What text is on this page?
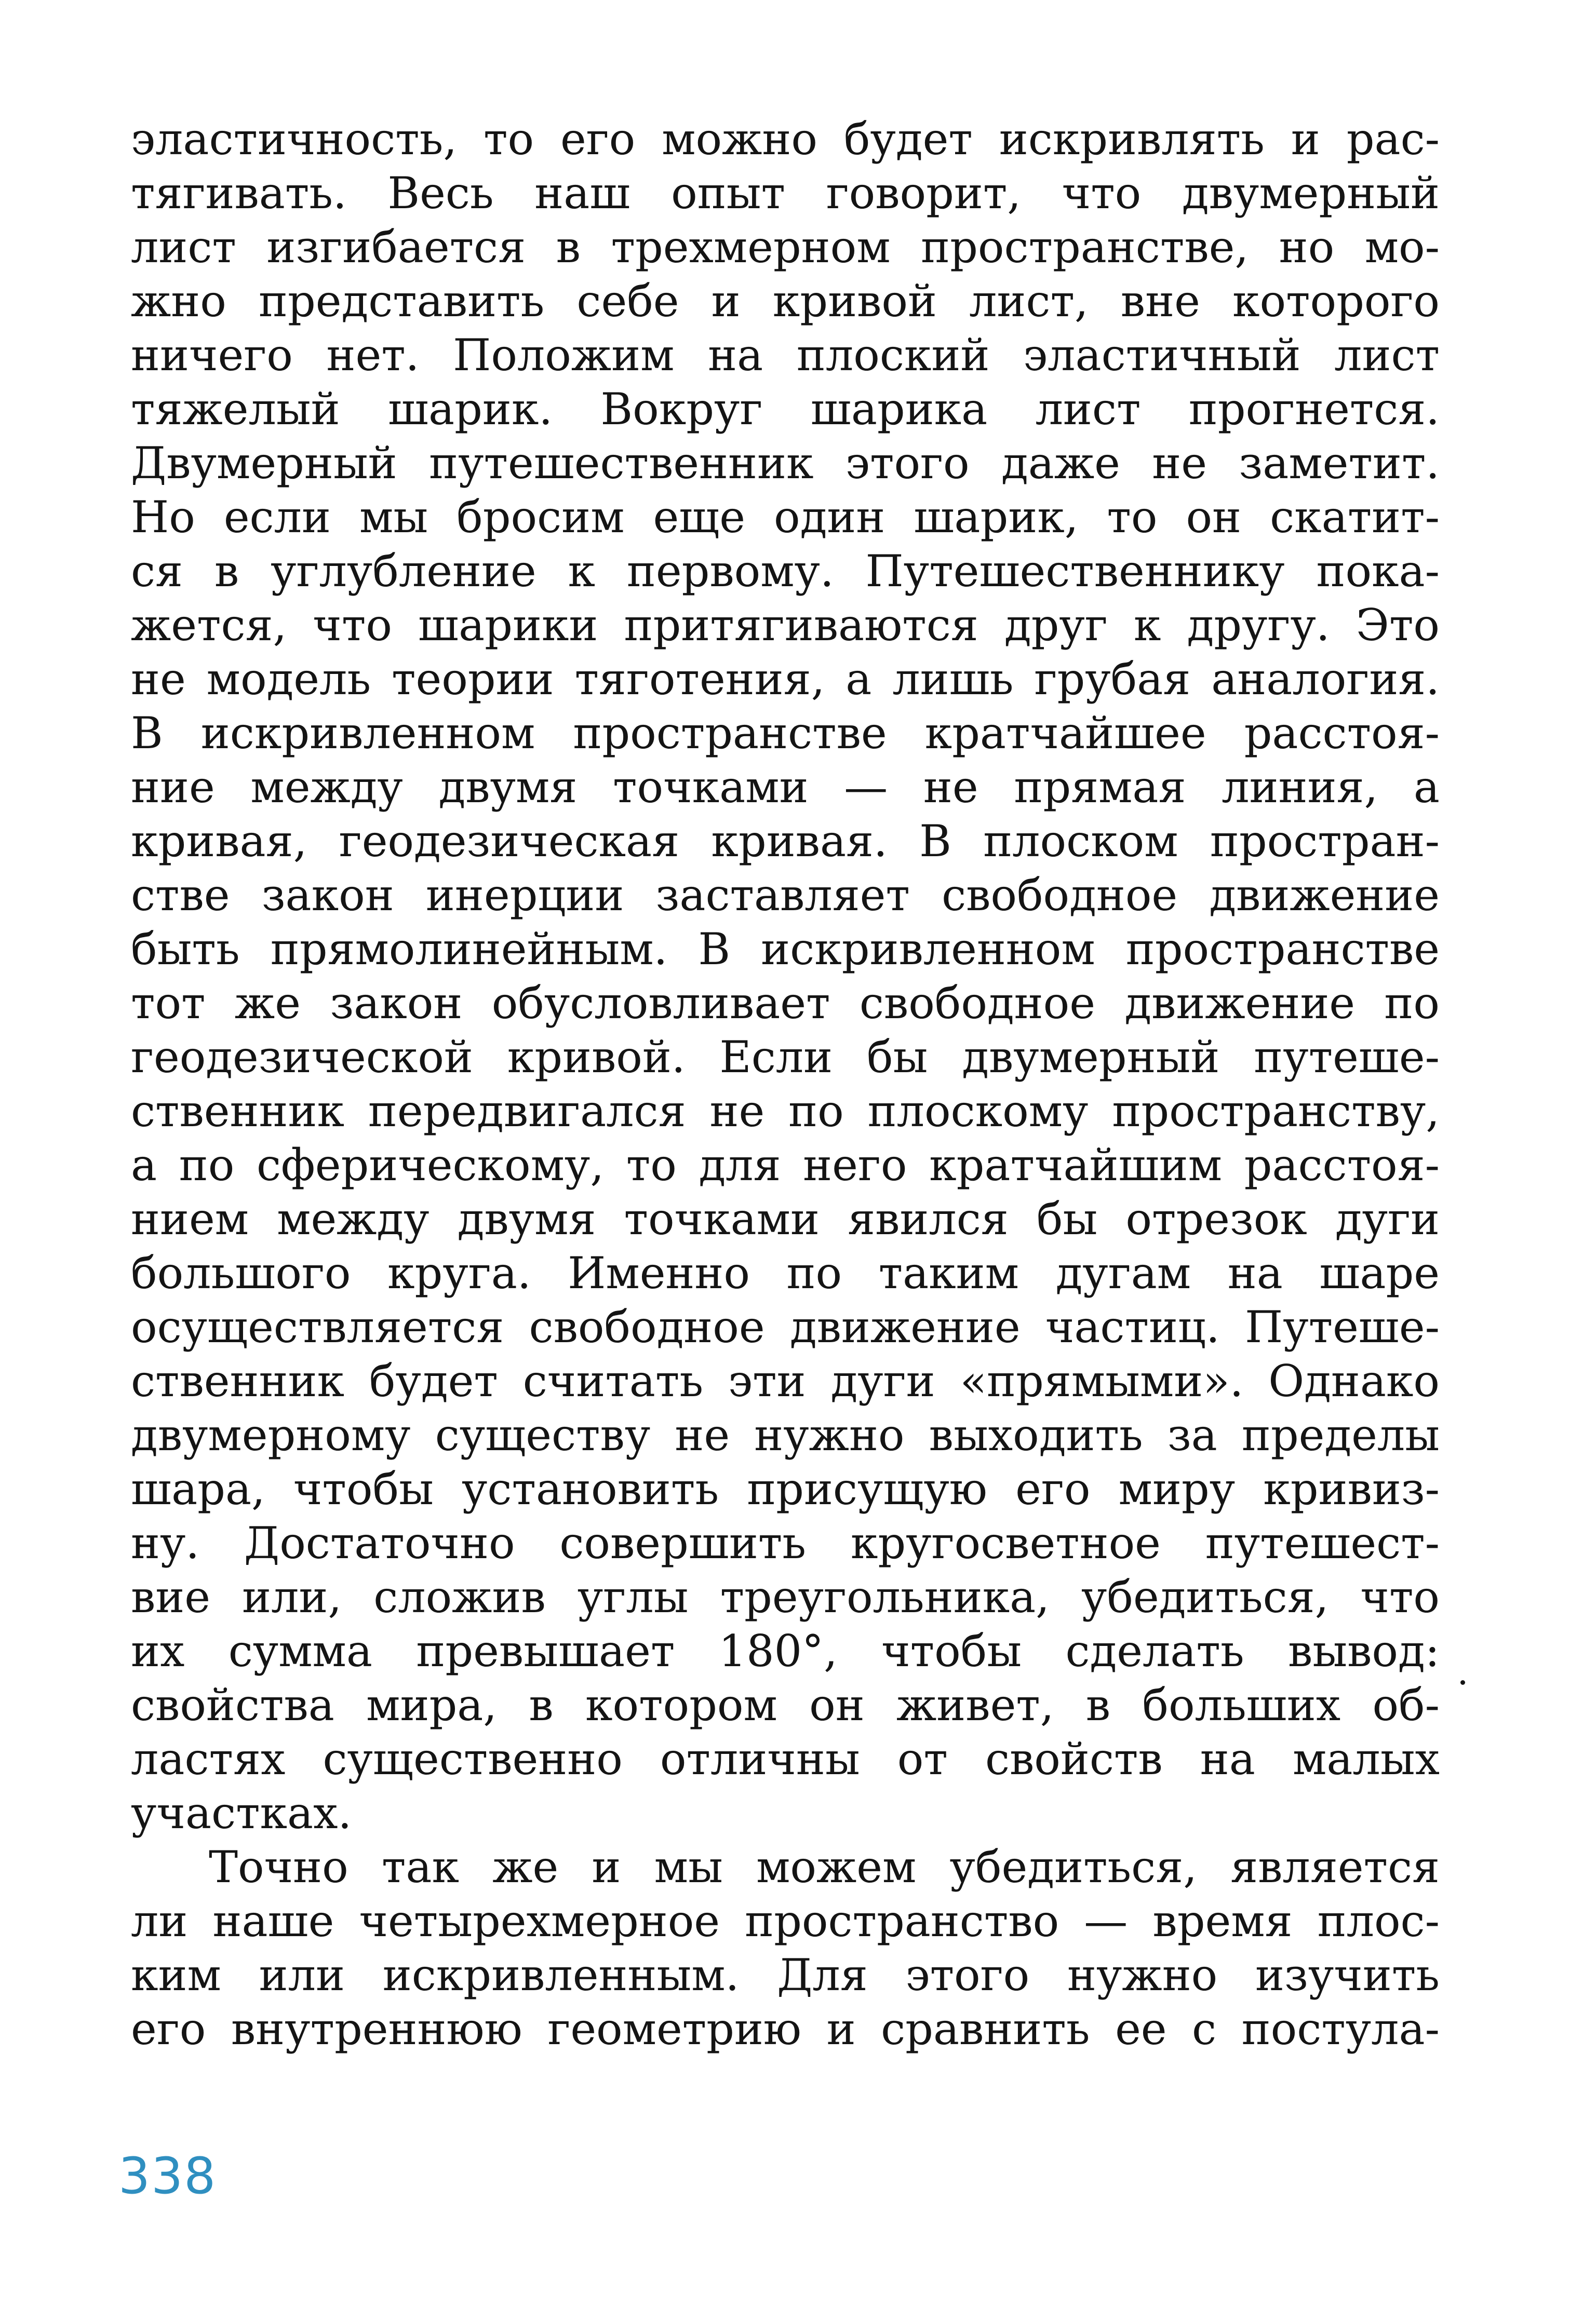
эластичность, то его можно будет искривлять и рас-
тягивать. Весь наш опыт говорит, что двумерный
лист изгибается в трехмерном пространстве, но мо-
жно представить себе и кривой лист, вне которого
ничего нет. Положим на плоский эластичный лист
тяжелый шарик. Вокруг шарика лист прогнется.
Двумерный путешественник этого даже не заметит.
Но если мы бросим еще один шарик, то он скатит-
ся в углубление к первому. Путешественнику пока-
жется, что шарики притягиваются друг к другу. Это
не модель теории тяготения, а лишь грубая аналогия.
В искривленном пространстве кратчайшее расстоя-
ние между двумя точками — не прямая линия, а
кривая, геодезическая кривая. В плоском простран-
стве закон инерции заставляет свободное движение
быть прямолинейным. В искривленном пространстве
тот же закон обусловливает свободное движение по
геодезической кривой. Если бы двумерный путеше-
ственник передвигался не по плоскому пространству,
а по сферическому, то для него кратчайшим расстоя-
нием между двумя точками явился бы отрезок дуги
большого круга. Именно по таким дугам на шаре
осуществляется свободное движение частиц. Путеше-
ственник будет считать эти дуги «прямыми». Однако
двумерному существу не нужно выходить за пределы
шара, чтобы установить присущую его миру кривиз-
ну. Достаточно совершить кругосветное путешест-
вие или, сложив углы треугольника, убедиться, что
их сумма превышает 180°, чтобы сделать вывод:
свойства мира, в котором он живет, в больших об-
ластях существенно отличны от свойств на малых
участках.
Точно так же и мы можем убедиться, является
ли наше четырехмерное пространство — время плос-
ким или искривленным. Для этого нужно изучить
его внутреннюю геометрию и сравнить ее с постула-
338
